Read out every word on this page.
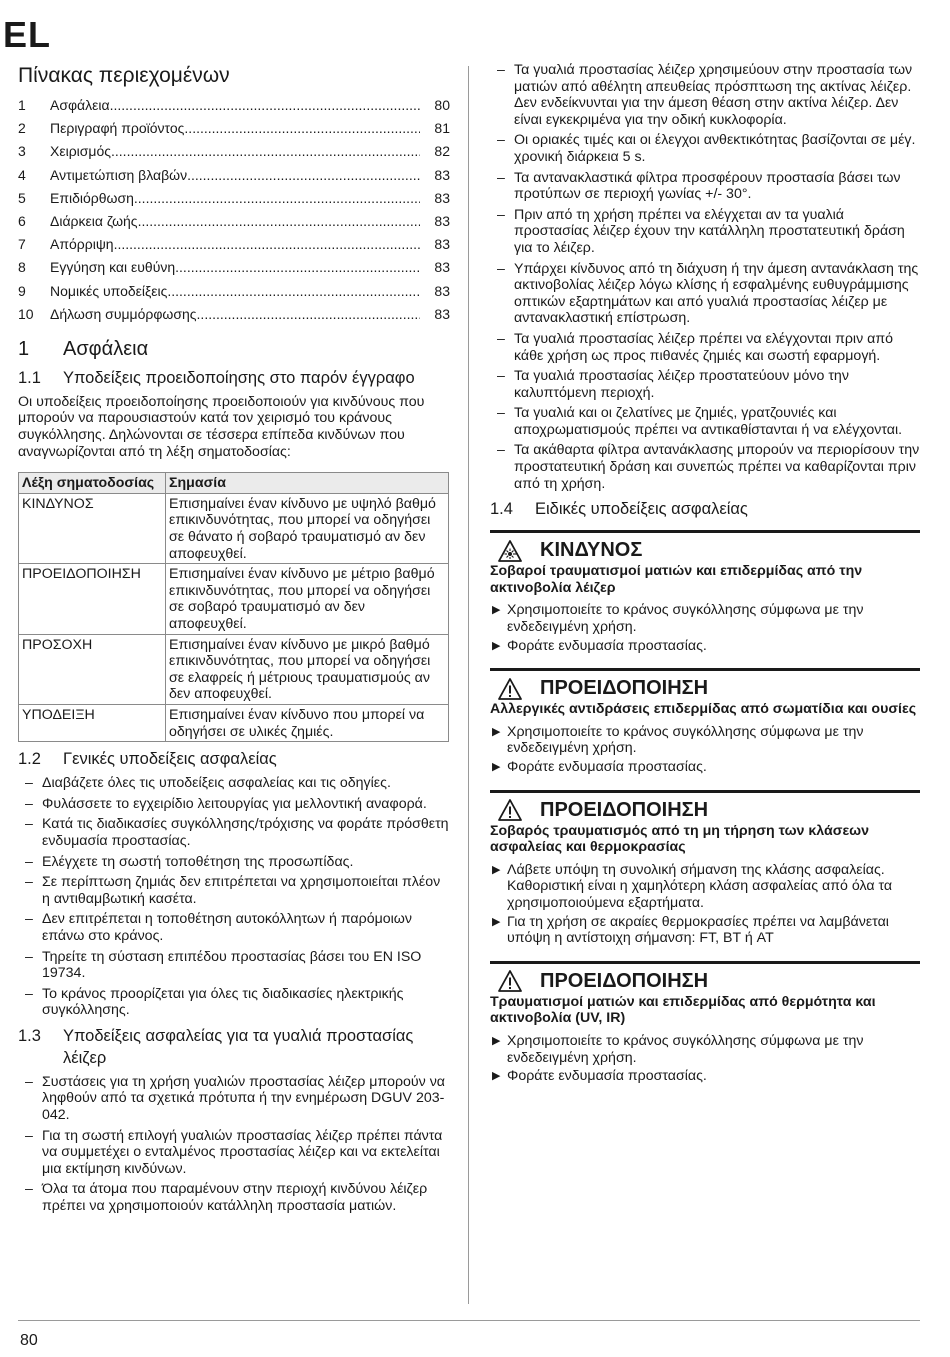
EL
Πίνακας περιεχομένων
1	Ασφάλεια .....	80
2	Περιγραφή προϊόντος .....	81
3	Χειρισμός .....	82
4	Αντιμετώπιση βλαβών .....	83
5	Επιδιόρθωση .....	83
6	Διάρκεια ζωής .....	83
7	Απόρριψη .....	83
8	Εγγύηση και ευθύνη .....	83
9	Νομικές υποδείξεις .....	83
10	Δήλωση συμμόρφωσης .....	83
1	Ασφάλεια
1.1	Υποδείξεις προειδοποίησης στο παρόν έγγραφο

Οι υποδείξεις προειδοποίησης προειδοποιούν για κινδύνους που μπορούν να παρουσιαστούν κατά τον χειρισμό του κράνους συγκόλλησης. Δηλώνονται σε τέσσερα επίπεδα κινδύνων που αναγνωρίζονται από τη λέξη σηματοδοσίας:

Λέξη σηματοδοσίας	Σημασία
ΚΙΝΔΥΝΟΣ	Επισημαίνει έναν κίνδυνο με υψηλό βαθμό επικινδυνότητας, που μπορεί να οδηγήσει σε θάνατο ή σοβαρό τραυματισμό αν δεν αποφευχθεί.
ΠΡΟΕΙΔΟΠΟΙΗΣΗ	Επισημαίνει έναν κίνδυνο με μέτριο βαθμό επικινδυνότητας, που μπορεί να οδηγήσει σε σοβαρό τραυματισμό αν δεν αποφευχθεί.
ΠΡΟΣΟΧΗ	Επισημαίνει έναν κίνδυνο με μικρό βαθμό επικινδυνότητας, που μπορεί να οδηγήσει σε ελαφρείς ή μέτριους τραυματισμούς αν δεν αποφευχθεί.
ΥΠΟΔΕΙΞΗ	Επισημαίνει έναν κίνδυνο που μπορεί να οδηγήσει σε υλικές ζημιές.
1.2	Γενικές υποδείξεις ασφαλείας
– Διαβάζετε όλες τις υποδείξεις ασφαλείας και τις οδηγίες.
– Φυλάσσετε το εγχειρίδιο λειτουργίας για μελλοντική αναφορά.
– Κατά τις διαδικασίες συγκόλλησης/τρόχισης να φοράτε πρόσθετη ενδυμασία προστασίας.
– Ελέγχετε τη σωστή τοποθέτηση της προσωπίδας.
– Σε περίπτωση ζημιάς δεν επιτρέπεται να χρησιμοποιείται πλέον η αντιθαμβωτική κασέτα.
– Δεν επιτρέπεται η τοποθέτηση αυτοκόλλητων ή παρόμοιων επάνω στο κράνος.
– Τηρείτε τη σύσταση επιπέδου προστασίας βάσει του EN ISO 19734.
– Το κράνος προορίζεται για όλες τις διαδικασίες ηλεκτρικής συγκόλλησης.
1.3	Υποδείξεις ασφαλείας για τα γυαλιά προστασίας λέιζερ
– Συστάσεις για τη χρήση γυαλιών προστασίας λέιζερ μπορούν να ληφθούν από τα σχετικά πρότυπα ή την ενημέρωση DGUV 203-042.
– Για τη σωστή επιλογή γυαλιών προστασίας λέιζερ πρέπει πάντα να συμμετέχει ο ενταλμένος προστασίας λέιζερ και να εκτελείται μια εκτίμηση κινδύνων.
– Όλα τα άτομα που παραμένουν στην περιοχή κινδύνου λέιζερ πρέπει να χρησιμοποιούν κατάλληλη προστασία ματιών.
– Τα γυαλιά προστασίας λέιζερ χρησιμεύουν στην προστασία των ματιών από αθέλητη απευθείας πρόσπτωση της ακτίνας λέιζερ. Δεν ενδείκνυνται για την άμεση θέαση στην ακτίνα λέιζερ. Δεν είναι εγκεκριμένα για την οδική κυκλοφορία.
– Οι οριακές τιμές και οι έλεγχοι ανθεκτικότητας βασίζονται σε μέγ. χρονική διάρκεια 5 s.
– Τα αντανακλαστικά φίλτρα προσφέρουν προστασία βάσει των προτύπων σε περιοχή γωνίας +/- 30°.
– Πριν από τη χρήση πρέπει να ελέγχεται αν τα γυαλιά προστασίας λέιζερ έχουν την κατάλληλη προστατευτική δράση για το λέιζερ.
– Υπάρχει κίνδυνος από τη διάχυση ή την άμεση αντανάκλαση της ακτινοβολίας λέιζερ λόγω κλίσης ή εσφαλμένης ευθυγράμμισης οπτικών εξαρτημάτων και από γυαλιά προστασίας λέιζερ με αντανακλαστική επίστρωση.
– Τα γυαλιά προστασίας λέιζερ πρέπει να ελέγχονται πριν από κάθε χρήση ως προς πιθανές ζημιές και σωστή εφαρμογή.
– Τα γυαλιά προστασίας λέιζερ προστατεύουν μόνο την καλυπτόμενη περιοχή.
– Τα γυαλιά και οι ζελατίνες με ζημιές, γρατζουνιές και αποχρωματισμούς πρέπει να αντικαθίστανται ή να ελέγχονται.
– Τα ακάθαρτα φίλτρα αντανάκλασης μπορούν να περιορίσουν την προστατευτική δράση και συνεπώς πρέπει να καθαρίζονται πριν από τη χρήση.
1.4	Ειδικές υποδείξεις ασφαλείας
ΚΙΝΔΥΝΟΣ
Σοβαροί τραυματισμοί ματιών και επιδερμίδας από την ακτινοβολία λέιζερ
▶ Χρησιμοποιείτε το κράνος συγκόλλησης σύμφωνα με την ενδεδειγμένη χρήση.
▶ Φοράτε ενδυμασία προστασίας.
ΠΡΟΕΙΔΟΠΟΙΗΣΗ
Αλλεργικές αντιδράσεις επιδερμίδας από σωματίδια και ουσίες
▶ Χρησιμοποιείτε το κράνος συγκόλλησης σύμφωνα με την ενδεδειγμένη χρήση.
▶ Φοράτε ενδυμασία προστασίας.
ΠΡΟΕΙΔΟΠΟΙΗΣΗ
Σοβαρός τραυματισμός από τη μη τήρηση των κλάσεων ασφαλείας και θερμοκρασίας
▶ Λάβετε υπόψη τη συνολική σήμανση της κλάσης ασφαλείας. Καθοριστική είναι η χαμηλότερη κλάση ασφαλείας από όλα τα χρησιμοποιούμενα εξαρτήματα.
▶ Για τη χρήση σε ακραίες θερμοκρασίες πρέπει να λαμβάνεται υπόψη η αντίστοιχη σήμανση: FT, BT ή AT
ΠΡΟΕΙΔΟΠΟΙΗΣΗ
Τραυματισμοί ματιών και επιδερμίδας από θερμότητα και ακτινοβολία (UV, IR)
▶ Χρησιμοποιείτε το κράνος συγκόλλησης σύμφωνα με την ενδεδειγμένη χρήση.
▶ Φοράτε ενδυμασία προστασίας.
80
